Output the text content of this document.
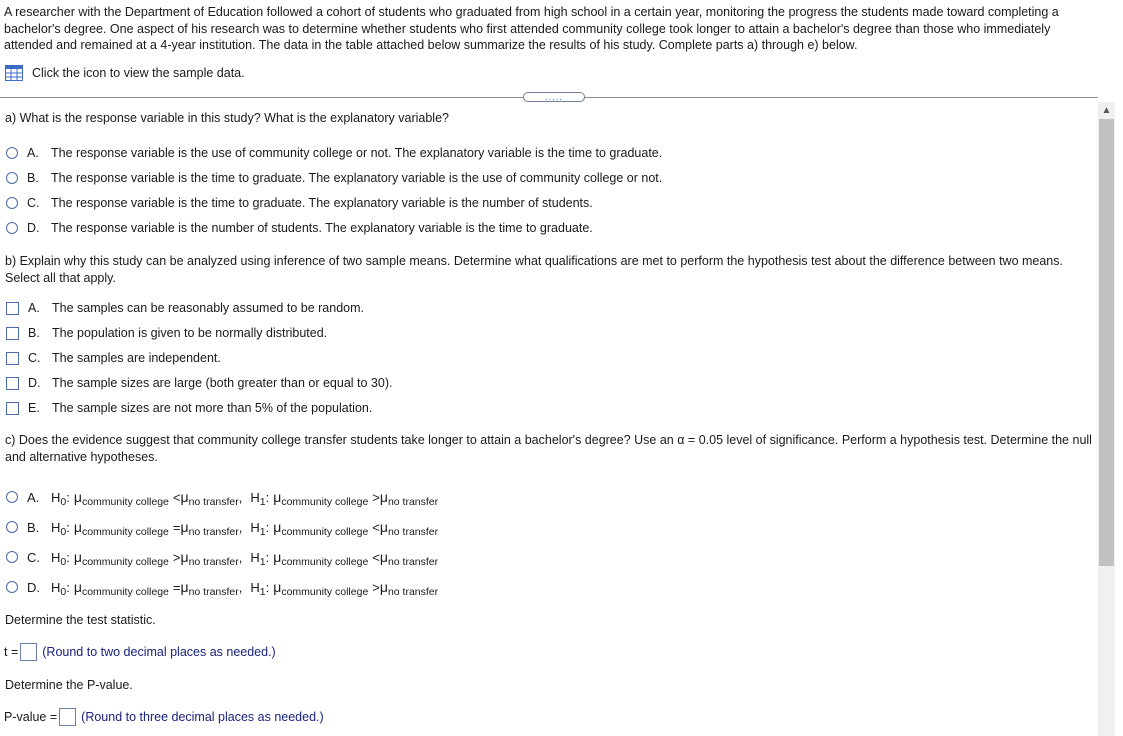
A researcher with the Department of Education followed a cohort of students who graduated from high school in a certain year, monitoring the progress the students made toward completing a bachelor's degree. One aspect of his research was to determine whether students who first attended community college took longer to attain a bachelor's degree than those who immediately attended and remained at a 4-year institution. The data in the table attached below summarize the results of his study. Complete parts a) through e) below.
Click the icon to view the sample data.
.....
▲
a) What is the response variable in this study? What is the explanatory variable?
A. The response variable is the use of community college or not. The explanatory variable is the time to graduate.
B. The response variable is the time to graduate. The explanatory variable is the use of community college or not.
C. The response variable is the time to graduate. The explanatory variable is the number of students.
D. The response variable is the number of students. The explanatory variable is the time to graduate.
b) Explain why this study can be analyzed using inference of two sample means. Determine what qualifications are met to perform the hypothesis test about the difference between two means. Select all that apply.
A. The samples can be reasonably assumed to be random.
B. The population is given to be normally distributed.
C. The samples are independent.
D. The sample sizes are large (both greater than or equal to 30).
E. The sample sizes are not more than 5% of the population.
c) Does the evidence suggest that community college transfer students take longer to attain a bachelor's degree? Use an α = 0.05 level of significance. Perform a hypothesis test. Determine the null and alternative hypotheses.
A. $H_0$: $\mu_{community college} <\mu_{no transfer}$, $H_1$: $\mu_{community college} >\mu_{no transfer}$
B. $H_0$: $\mu_{community college} =\mu_{no transfer}$, $H_1$: $\mu_{community college} <\mu_{no transfer}$
C. $H_0$: $\mu_{community college} >\mu_{no transfer}$, $H_1$: $\mu_{community college} <\mu_{no transfer}$
D. $H_0$: $\mu_{community college} =\mu_{no transfer}$, $H_1$: $\mu_{community college} >\mu_{no transfer}$
Determine the test statistic.
t = (Round to two decimal places as needed.)
Determine the P-value.
P-value = (Round to three decimal places as needed.)
